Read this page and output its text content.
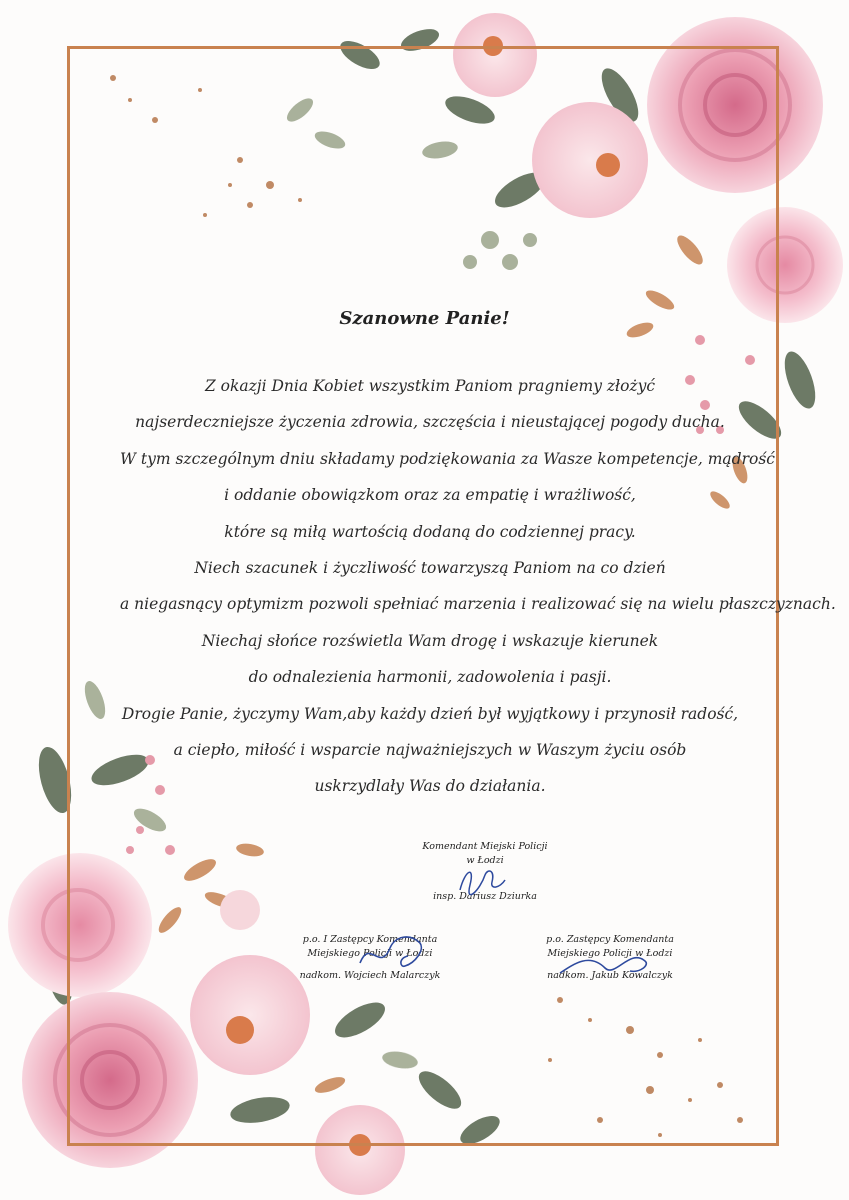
Szanowne Panie!
Z okazji Dnia Kobiet wszystkim Paniom pragniemy złożyć
najserdeczniejsze życzenia zdrowia, szczęścia i nieustającej pogody ducha.
W tym szczególnym dniu składamy podziękowania za Wasze kompetencje, mądrość
i oddanie obowiązkom oraz za empatię i wrażliwość,
które są miłą wartością dodaną do codziennej pracy.
Niech szacunek i życzliwość towarzyszą Paniom na co dzień
a niegasnący optymizm pozwoli spełniać marzenia i realizować się na wielu płaszczyznach.
Niechaj słońce rozświetla Wam drogę i wskazuje kierunek
do odnalezienia harmonii, zadowolenia i pasji.
Drogie Panie, życzymy Wam,aby każdy dzień był wyjątkowy i przynosił radość,
a ciepło, miłość i wsparcie najważniejszych w Waszym życiu osób
uskrzydlały Was do działania.
Komendant Miejski Policji
w Łodzi
insp. Dariusz Dziurka
p.o. I Zastępcy Komendanta
Miejskiego Policji w Łodzi
nadkom. Wojciech Malarczyk
p.o. Zastępcy Komendanta
Miejskiego Policji w Łodzi
nadkom. Jakub Kowalczyk
